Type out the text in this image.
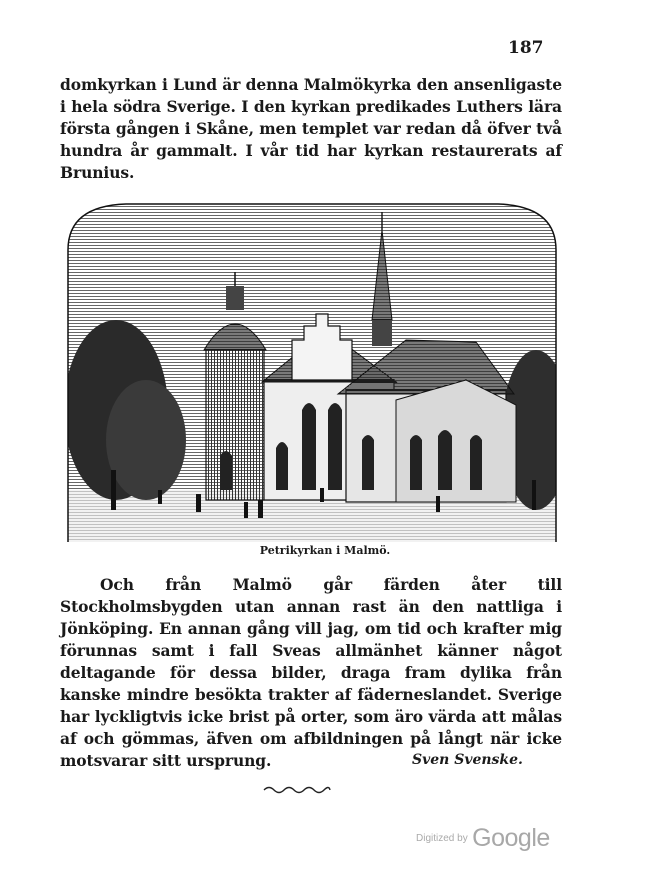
187
domkyrkan i Lund är denna Malmökyrka den ansenligaste i hela södra Sverige. I den kyrkan predikades Luthers lära första gången i Skåne, men templet var redan då öfver två hundra år gammalt. I vår tid har kyrkan restaurerats af Brunius.
Petrikyrkan i Malmö.
Och från Malmö går färden åter till Stockholmsbygden utan annan rast än den nattliga i Jönköping. En annan gång vill jag, om tid och krafter mig förunnas samt i fall Sveas allmänhet känner något deltagande för dessa bilder, draga fram dylika från kanske mindre besökta trakter af fäderneslandet. Sverige har lyckligtvis icke brist på orter, som äro värda att målas af och gömmas, äfven om afbildningen på långt när icke motsvarar sitt ursprung.	Sven Svenske.
Digitized by Google
